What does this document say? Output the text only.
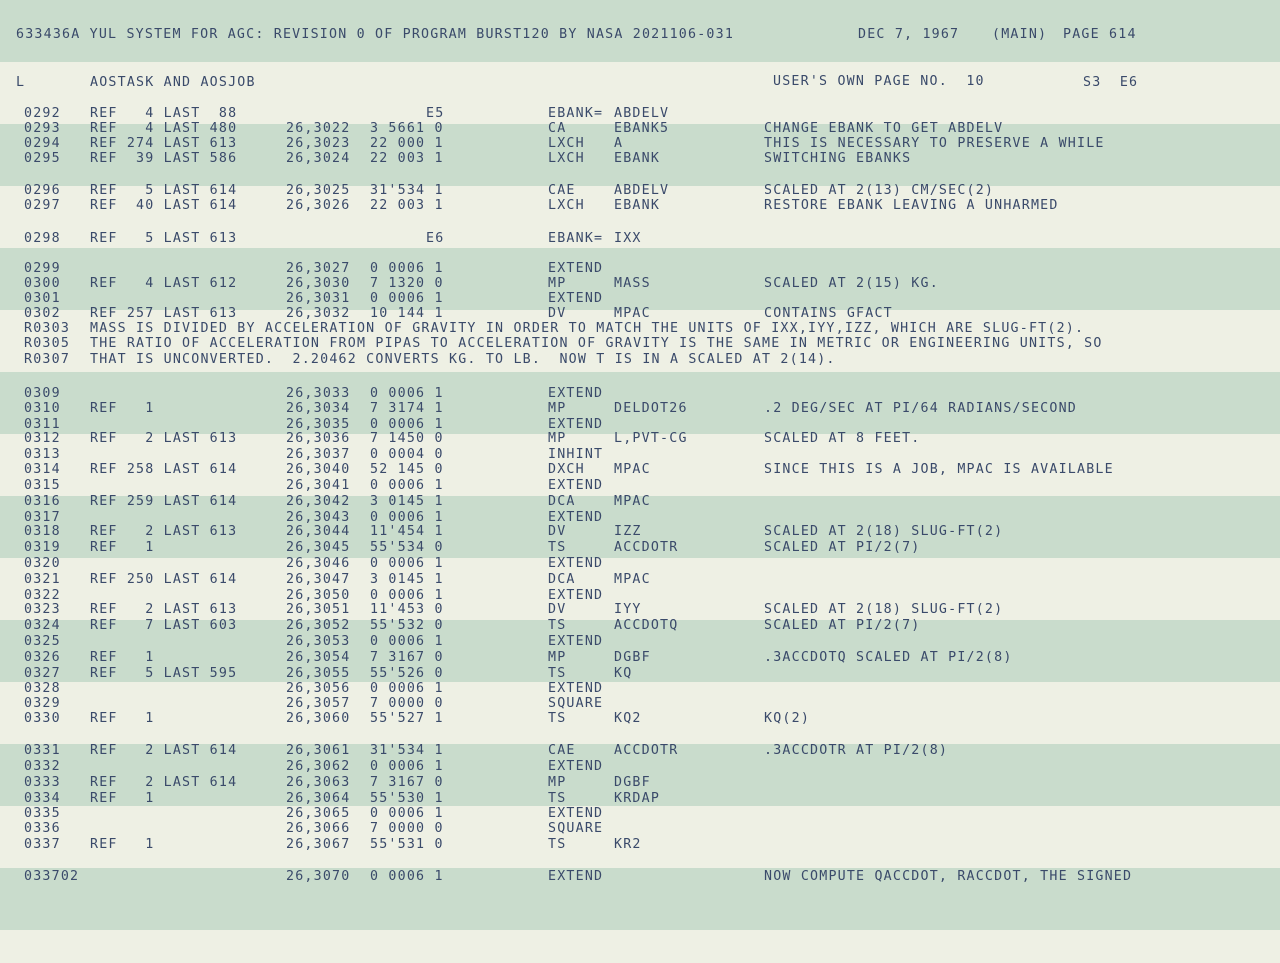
633436A YUL SYSTEM FOR AGC: REVISION 0 OF PROGRAM BURST120 BY NASA 2021106-031	DEC 7, 1967 (MAIN) PAGE 614
L	AOSTASK AND AOSJOB	USER'S OWN PAGE NO.  10	S3  E6
0292 REF   4 LAST  88	E5	EBANK= ABDELV
0293 REF   4 LAST 480	26,3022 3 5661 0	CA	EBANK5	CHANGE EBANK TO GET ABDELV
0294 REF 274 LAST 613	26,3023 22 000 1	LXCH A	THIS IS NECESSARY TO PRESERVE A WHILE
0295 REF  39 LAST 586	26,3024 22 003 1	LXCH EBANK	SWITCHING EBANKS
0296 REF   5 LAST 614	26,3025 31'534 1	CAE	ABDELV	SCALED AT 2(13) CM/SEC(2)
0297 REF  40 LAST 614	26,3026 22 003 1	LXCH EBANK	RESTORE EBANK LEAVING A UNHARMED
0298 REF   5 LAST 613	E6	EBANK= IXX
0299	26,3027 0 0006 1	EXTEND
0300 REF   4 LAST 612	26,3030 7 1320 0	MP	MASS	SCALED AT 2(15) KG.
0301	26,3031 0 0006 1	EXTEND
0302 REF 257 LAST 613	26,3032 10 144 1	DV	MPAC	CONTAINS GFACT
R0303 MASS IS DIVIDED BY ACCELERATION OF GRAVITY IN ORDER TO MATCH THE UNITS OF IXX,IYY,IZZ, WHICH ARE SLUG-FT(2).
R0305 THE RATIO OF ACCELERATION FROM PIPAS TO ACCELERATION OF GRAVITY IS THE SAME IN METRIC OR ENGINEERING UNITS, SO
R0307 THAT IS UNCONVERTED.  2.20462 CONVERTS KG. TO LB.  NOW T IS IN A SCALED AT 2(14).
0309	26,3033 0 0006 1	EXTEND
0310 REF   1	26,3034 7 3174 1	MP	DELDOT26	.2 DEG/SEC AT PI/64 RADIANS/SECOND
0311	26,3035 0 0006 1	EXTEND
0312 REF   2 LAST 613	26,3036 7 1450 0	MP	L,PVT-CG	SCALED AT 8 FEET.
0313	26,3037 0 0004 0	INHINT
0314 REF 258 LAST 614	26,3040 52 145 0	DXCH MPAC	SINCE THIS IS A JOB, MPAC IS AVAILABLE
0315	26,3041 0 0006 1	EXTEND
0316 REF 259 LAST 614	26,3042 3 0145 1	DCA	MPAC
0317	26,3043 0 0006 1	EXTEND
0318 REF   2 LAST 613	26,3044 11'454 1	DV	IZZ	SCALED AT 2(18) SLUG-FT(2)
0319 REF   1	26,3045 55'534 0	TS	ACCDOTR	SCALED AT PI/2(7)
0320	26,3046 0 0006 1	EXTEND
0321 REF 250 LAST 614	26,3047 3 0145 1	DCA	MPAC
0322	26,3050 0 0006 1	EXTEND
0323 REF   2 LAST 613	26,3051 11'453 0	DV	IYY	SCALED AT 2(18) SLUG-FT(2)
0324 REF   7 LAST 603	26,3052 55'532 0	TS	ACCDOTQ	SCALED AT PI/2(7)
0325	26,3053 0 0006 1	EXTEND
0326 REF   1	26,3054 7 3167 0	MP	DGBF	.3ACCDOTQ SCALED AT PI/2(8)
0327 REF   5 LAST 595	26,3055 55'526 0	TS	KQ
0328	26,3056 0 0006 1	EXTEND
0329	26,3057 7 0000 0	SQUARE
0330 REF   1	26,3060 55'527 1	TS	KQ2	KQ(2)
0331 REF   2 LAST 614	26,3061 31'534 1	CAE	ACCDOTR	.3ACCDOTR AT PI/2(8)
0332	26,3062 0 0006 1	EXTEND
0333 REF   2 LAST 614	26,3063 7 3167 0	MP	DGBF
0334 REF   1	26,3064 55'530 1	TS	KRDAP
0335	26,3065 0 0006 1	EXTEND
0336	26,3066 7 0000 0	SQUARE
0337 REF   1	26,3067 55'531 0	TS	KR2
033702	26,3070 0 0006 1	EXTEND	NOW COMPUTE QACCDOT, RACCDOT, THE SIGNED
